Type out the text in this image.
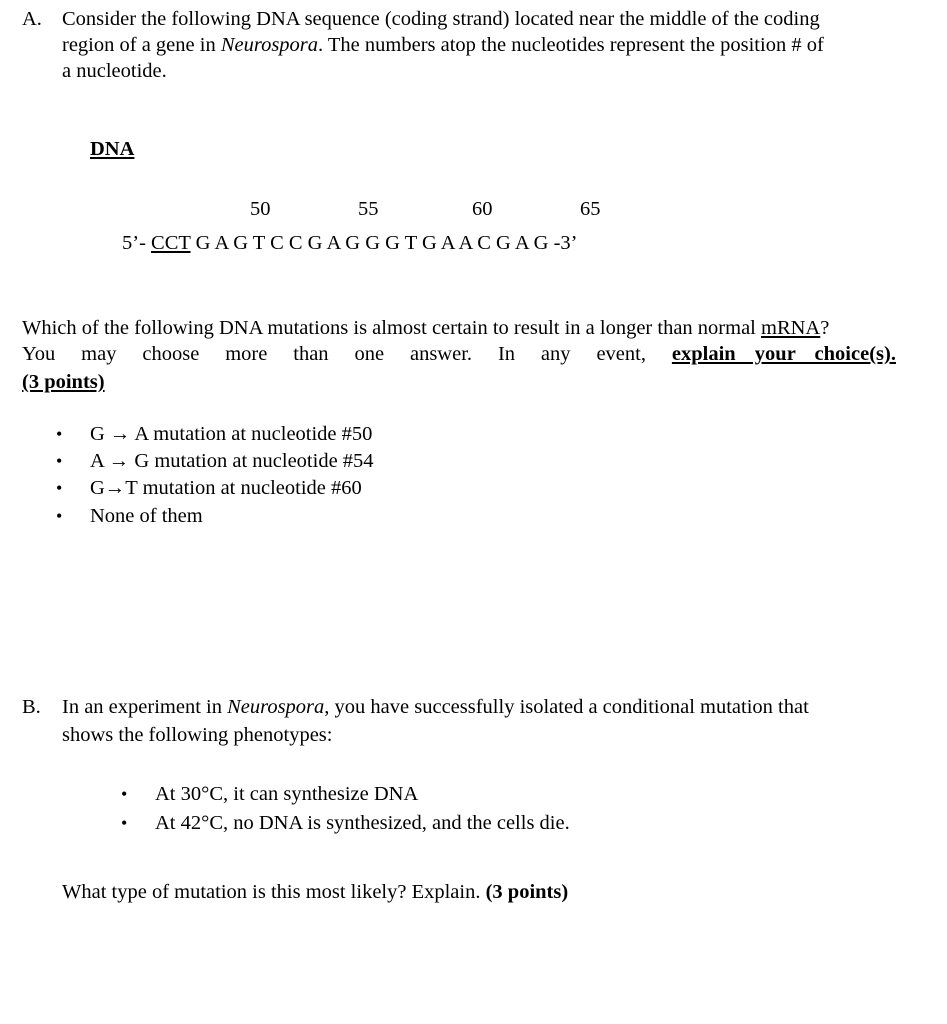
A. Consider the following DNA sequence (coding strand) located near the middle of the coding
region of a gene in Neurospora. The numbers atop the nucleotides represent the position # of
a nucleotide.
DNA
50	55	60	65
5’- CCT G A G T C C G A G G G T G A A C G A G -3’
Which of the following DNA mutations is almost certain to result in a longer than normal mRNA?
You may choose more than one answer. In any event, explain your choice(s).
(3 points)
• G → A mutation at nucleotide #50
• A → G mutation at nucleotide #54
• G→T mutation at nucleotide #60
• None of them
B. In an experiment in Neurospora, you have successfully isolated a conditional mutation that
shows the following phenotypes:
• At 30°C, it can synthesize DNA
• At 42°C, no DNA is synthesized, and the cells die.
What type of mutation is this most likely? Explain. (3 points)
